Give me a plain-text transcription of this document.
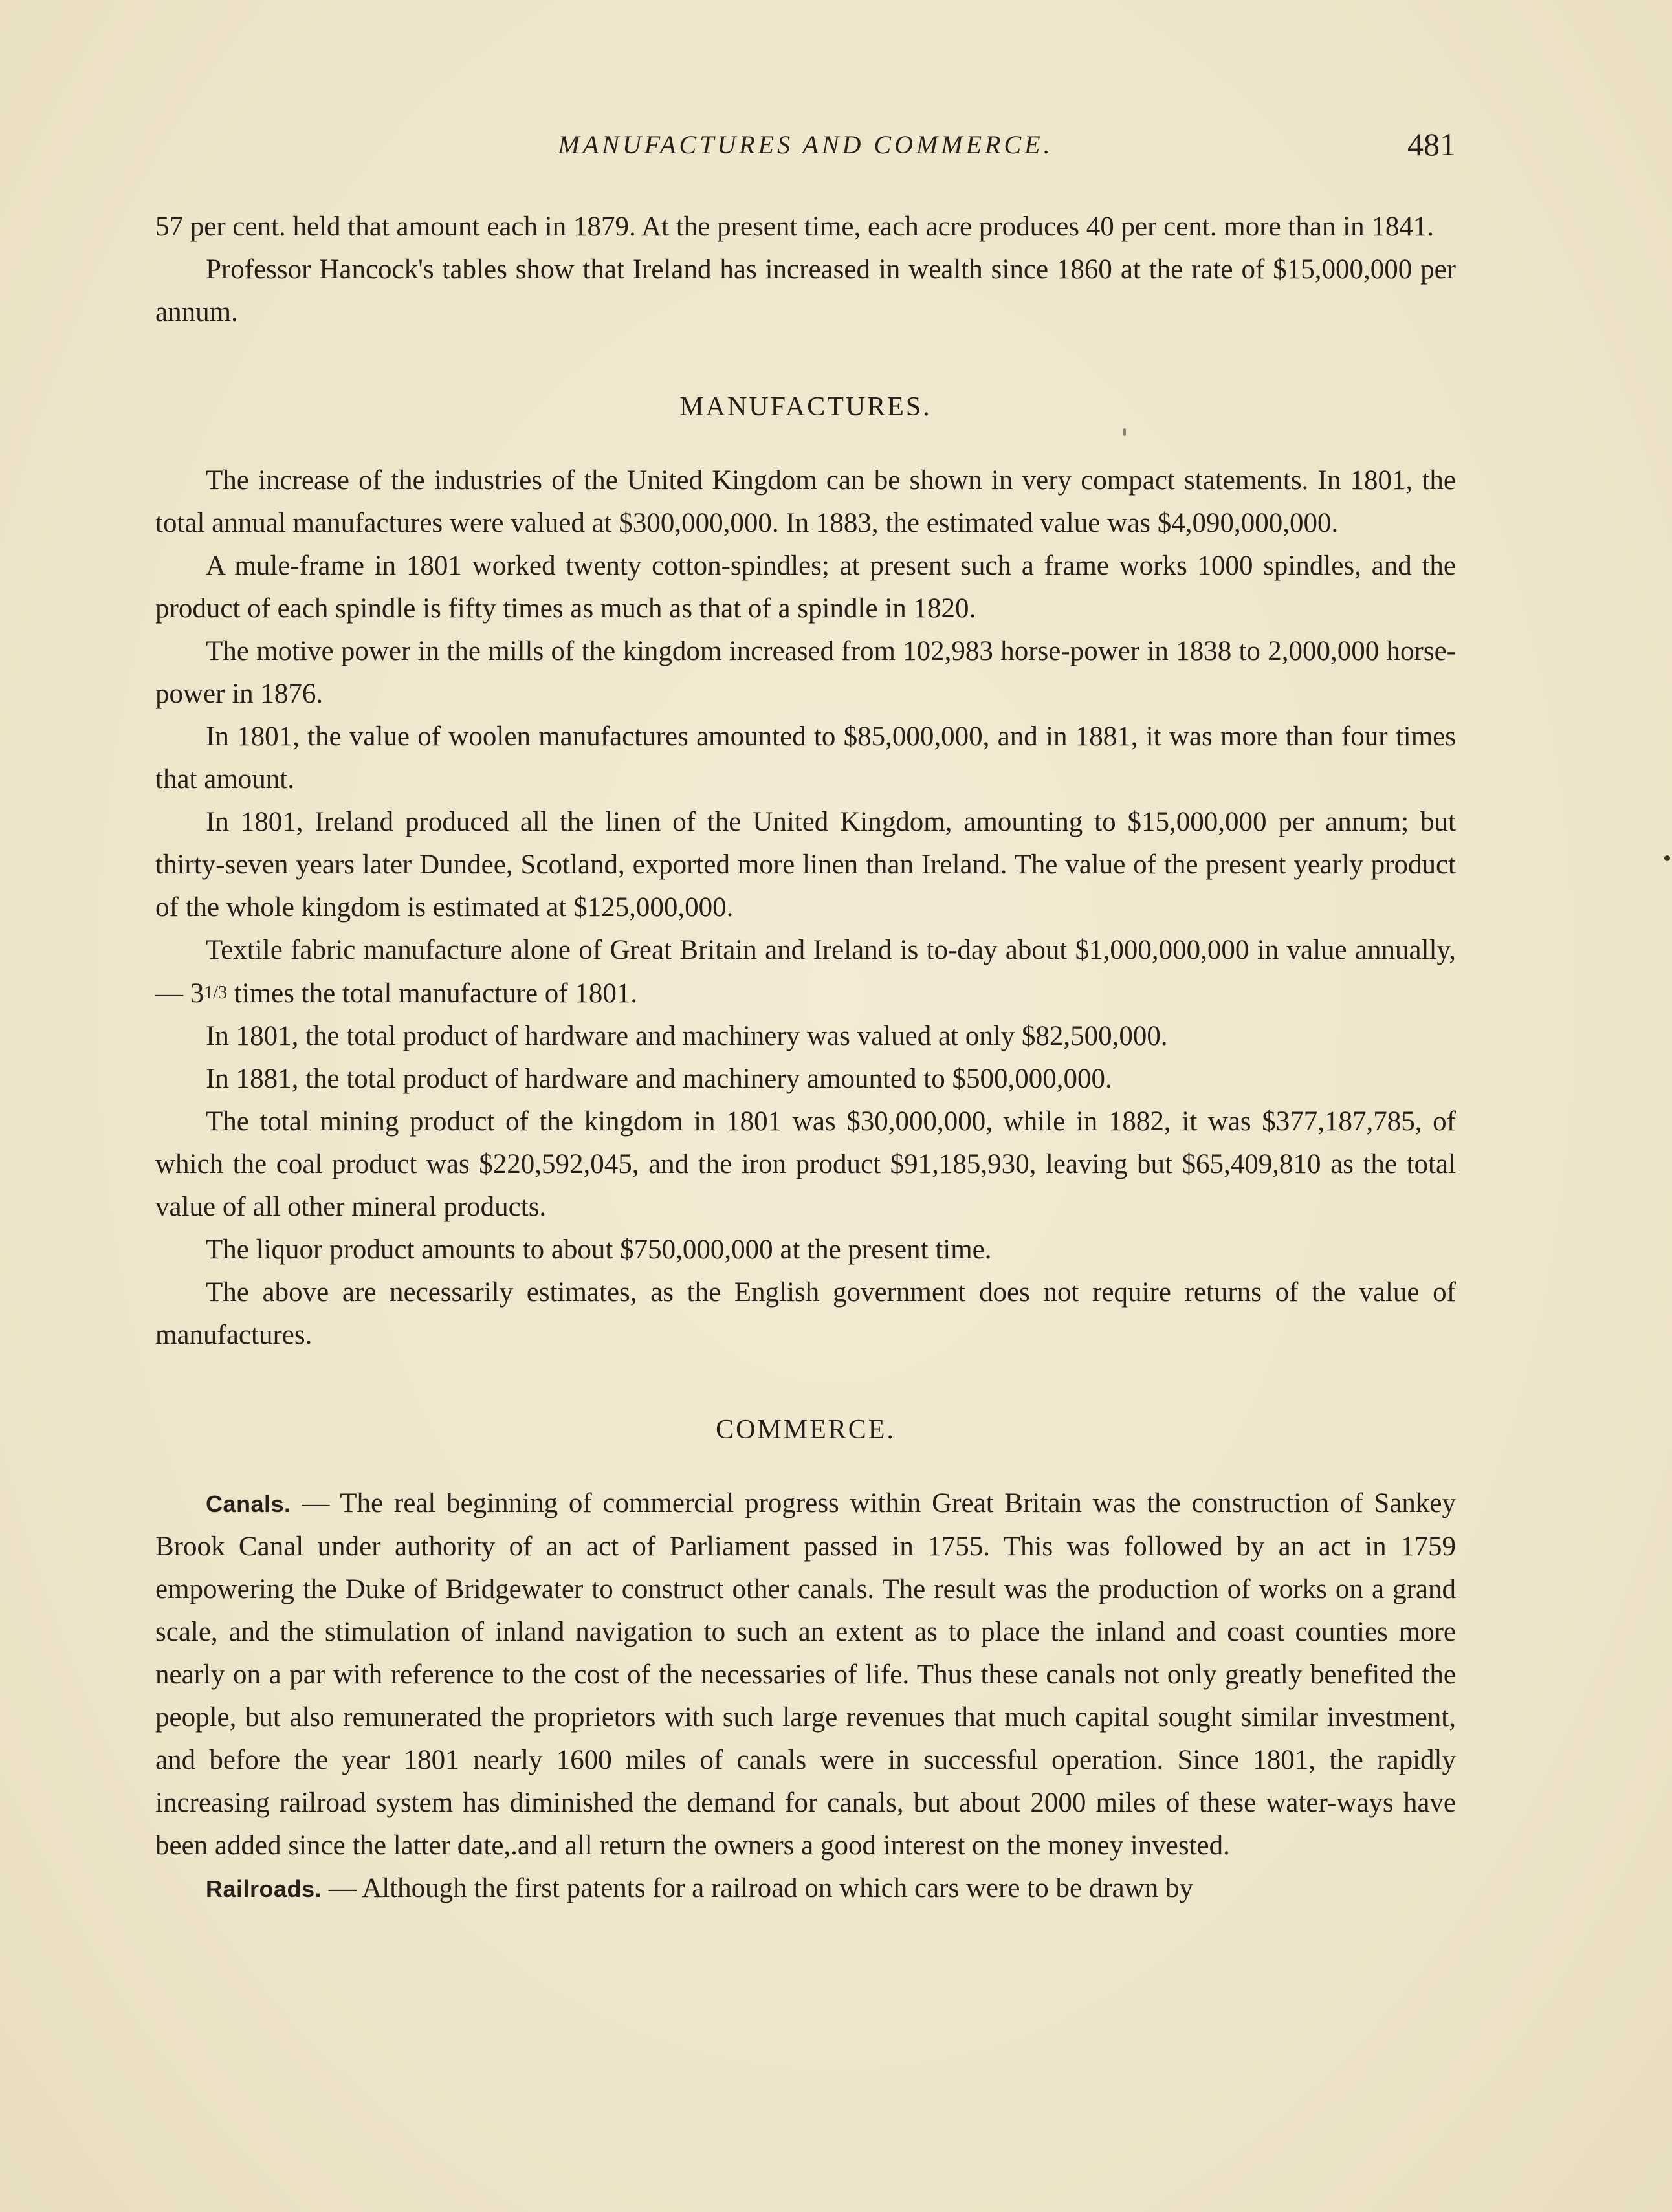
MANUFACTURES AND COMMERCE.	481

57 per cent. held that amount each in 1879. At the present time, each acre produces 40 per cent. more than in 1841.

Professor Hancock's tables show that Ireland has increased in wealth since 1860 at the rate of $15,000,000 per annum.

MANUFACTURES.

The increase of the industries of the United Kingdom can be shown in very compact statements. In 1801, the total annual manufactures were valued at $300,000,000. In 1883, the estimated value was $4,090,000,000.

A mule-frame in 1801 worked twenty cotton-spindles; at present such a frame works 1000 spindles, and the product of each spindle is fifty times as much as that of a spindle in 1820.

The motive power in the mills of the kingdom increased from 102,983 horse-power in 1838 to 2,000,000 horse-power in 1876.

In 1801, the value of woolen manufactures amounted to $85,000,000, and in 1881, it was more than four times that amount.

In 1801, Ireland produced all the linen of the United Kingdom, amounting to $15,000,000 per annum; but thirty-seven years later Dundee, Scotland, exported more linen than Ireland. The value of the present yearly product of the whole kingdom is estimated at $125,000,000.

Textile fabric manufacture alone of Great Britain and Ireland is to-day about $1,000,000,000 in value annually, — 31/3 times the total manufacture of 1801.

In 1801, the total product of hardware and machinery was valued at only $82,500,000.

In 1881, the total product of hardware and machinery amounted to $500,000,000.

The total mining product of the kingdom in 1801 was $30,000,000, while in 1882, it was $377,187,785, of which the coal product was $220,592,045, and the iron product $91,185,930, leaving but $65,409,810 as the total value of all other mineral products.

The liquor product amounts to about $750,000,000 at the present time.

The above are necessarily estimates, as the English government does not require returns of the value of manufactures.

COMMERCE.

Canals. — The real beginning of commercial progress within Great Britain was the construction of Sankey Brook Canal under authority of an act of Parliament passed in 1755. This was followed by an act in 1759 empowering the Duke of Bridgewater to construct other canals. The result was the production of works on a grand scale, and the stimulation of inland navigation to such an extent as to place the inland and coast counties more nearly on a par with reference to the cost of the necessaries of life. Thus these canals not only greatly benefited the people, but also remunerated the proprietors with such large revenues that much capital sought similar investment, and before the year 1801 nearly 1600 miles of canals were in successful operation. Since 1801, the rapidly increasing railroad system has diminished the demand for canals, but about 2000 miles of these water-ways have been added since the latter date,.and all return the owners a good interest on the money invested.

Railroads. — Although the first patents for a railroad on which cars were to be drawn by
